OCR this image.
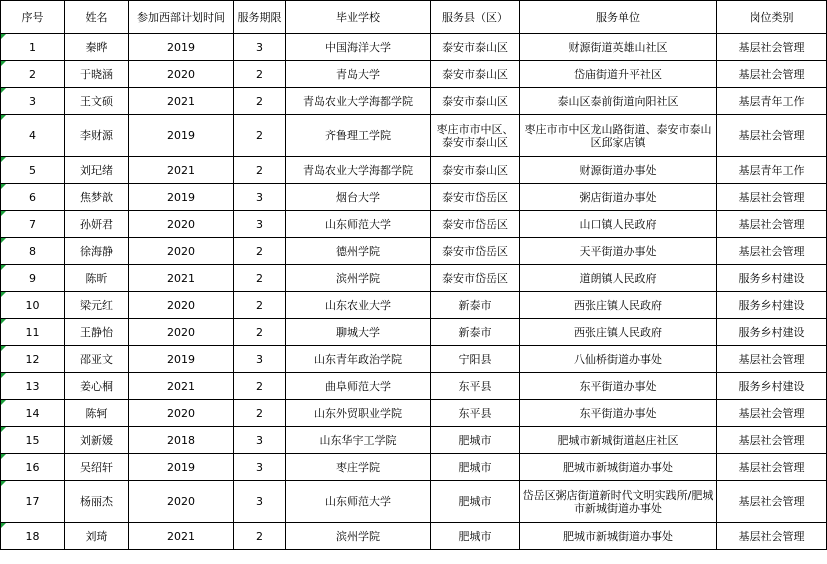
序号	姓名	参加西部计划时间	服务期限	毕业学校	服务县（区）	服务单位	岗位类别
1	秦晔	2019	3	中国海洋大学	泰安市泰山区	财源街道英雄山社区	基层社会管理
2	于晓涵	2020	2	青岛大学	泰安市泰山区	岱庙街道升平社区	基层社会管理
3	王文硕	2021	2	青岛农业大学海都学院	泰安市泰山区	泰山区泰前街道向阳社区	基层青年工作
4	李财源	2019	2	齐鲁理工学院	枣庄市市中区、泰安市泰山区	枣庄市市中区龙山路街道、泰安市泰山区邱家店镇	基层社会管理
5	刘玘绪	2021	2	青岛农业大学海都学院	泰安市泰山区	财源街道办事处	基层青年工作
6	焦梦歆	2019	3	烟台大学	泰安市岱岳区	粥店街道办事处	基层社会管理
7	孙妍君	2020	3	山东师范大学	泰安市岱岳区	山口镇人民政府	基层社会管理
8	徐海静	2020	2	德州学院	泰安市岱岳区	天平街道办事处	基层社会管理
9	陈昕	2021	2	滨州学院	泰安市岱岳区	道朗镇人民政府	服务乡村建设
10	梁元红	2020	2	山东农业大学	新泰市	西张庄镇人民政府	服务乡村建设
11	王静怡	2020	2	聊城大学	新泰市	西张庄镇人民政府	服务乡村建设
12	邵亚文	2019	3	山东青年政治学院	宁阳县	八仙桥街道办事处	基层社会管理
13	姜心桐	2021	2	曲阜师范大学	东平县	东平街道办事处	服务乡村建设
14	陈轲	2020	2	山东外贸职业学院	东平县	东平街道办事处	基层社会管理
15	刘新媛	2018	3	山东华宇工学院	肥城市	肥城市新城街道赵庄社区	基层社会管理
16	吴绍轩	2019	3	枣庄学院	肥城市	肥城市新城街道办事处	基层社会管理
17	杨丽杰	2020	3	山东师范大学	肥城市	岱岳区粥店街道新时代文明实践所/肥城市新城街道办事处	基层社会管理
18	刘琦	2021	2	滨州学院	肥城市	肥城市新城街道办事处	基层社会管理
